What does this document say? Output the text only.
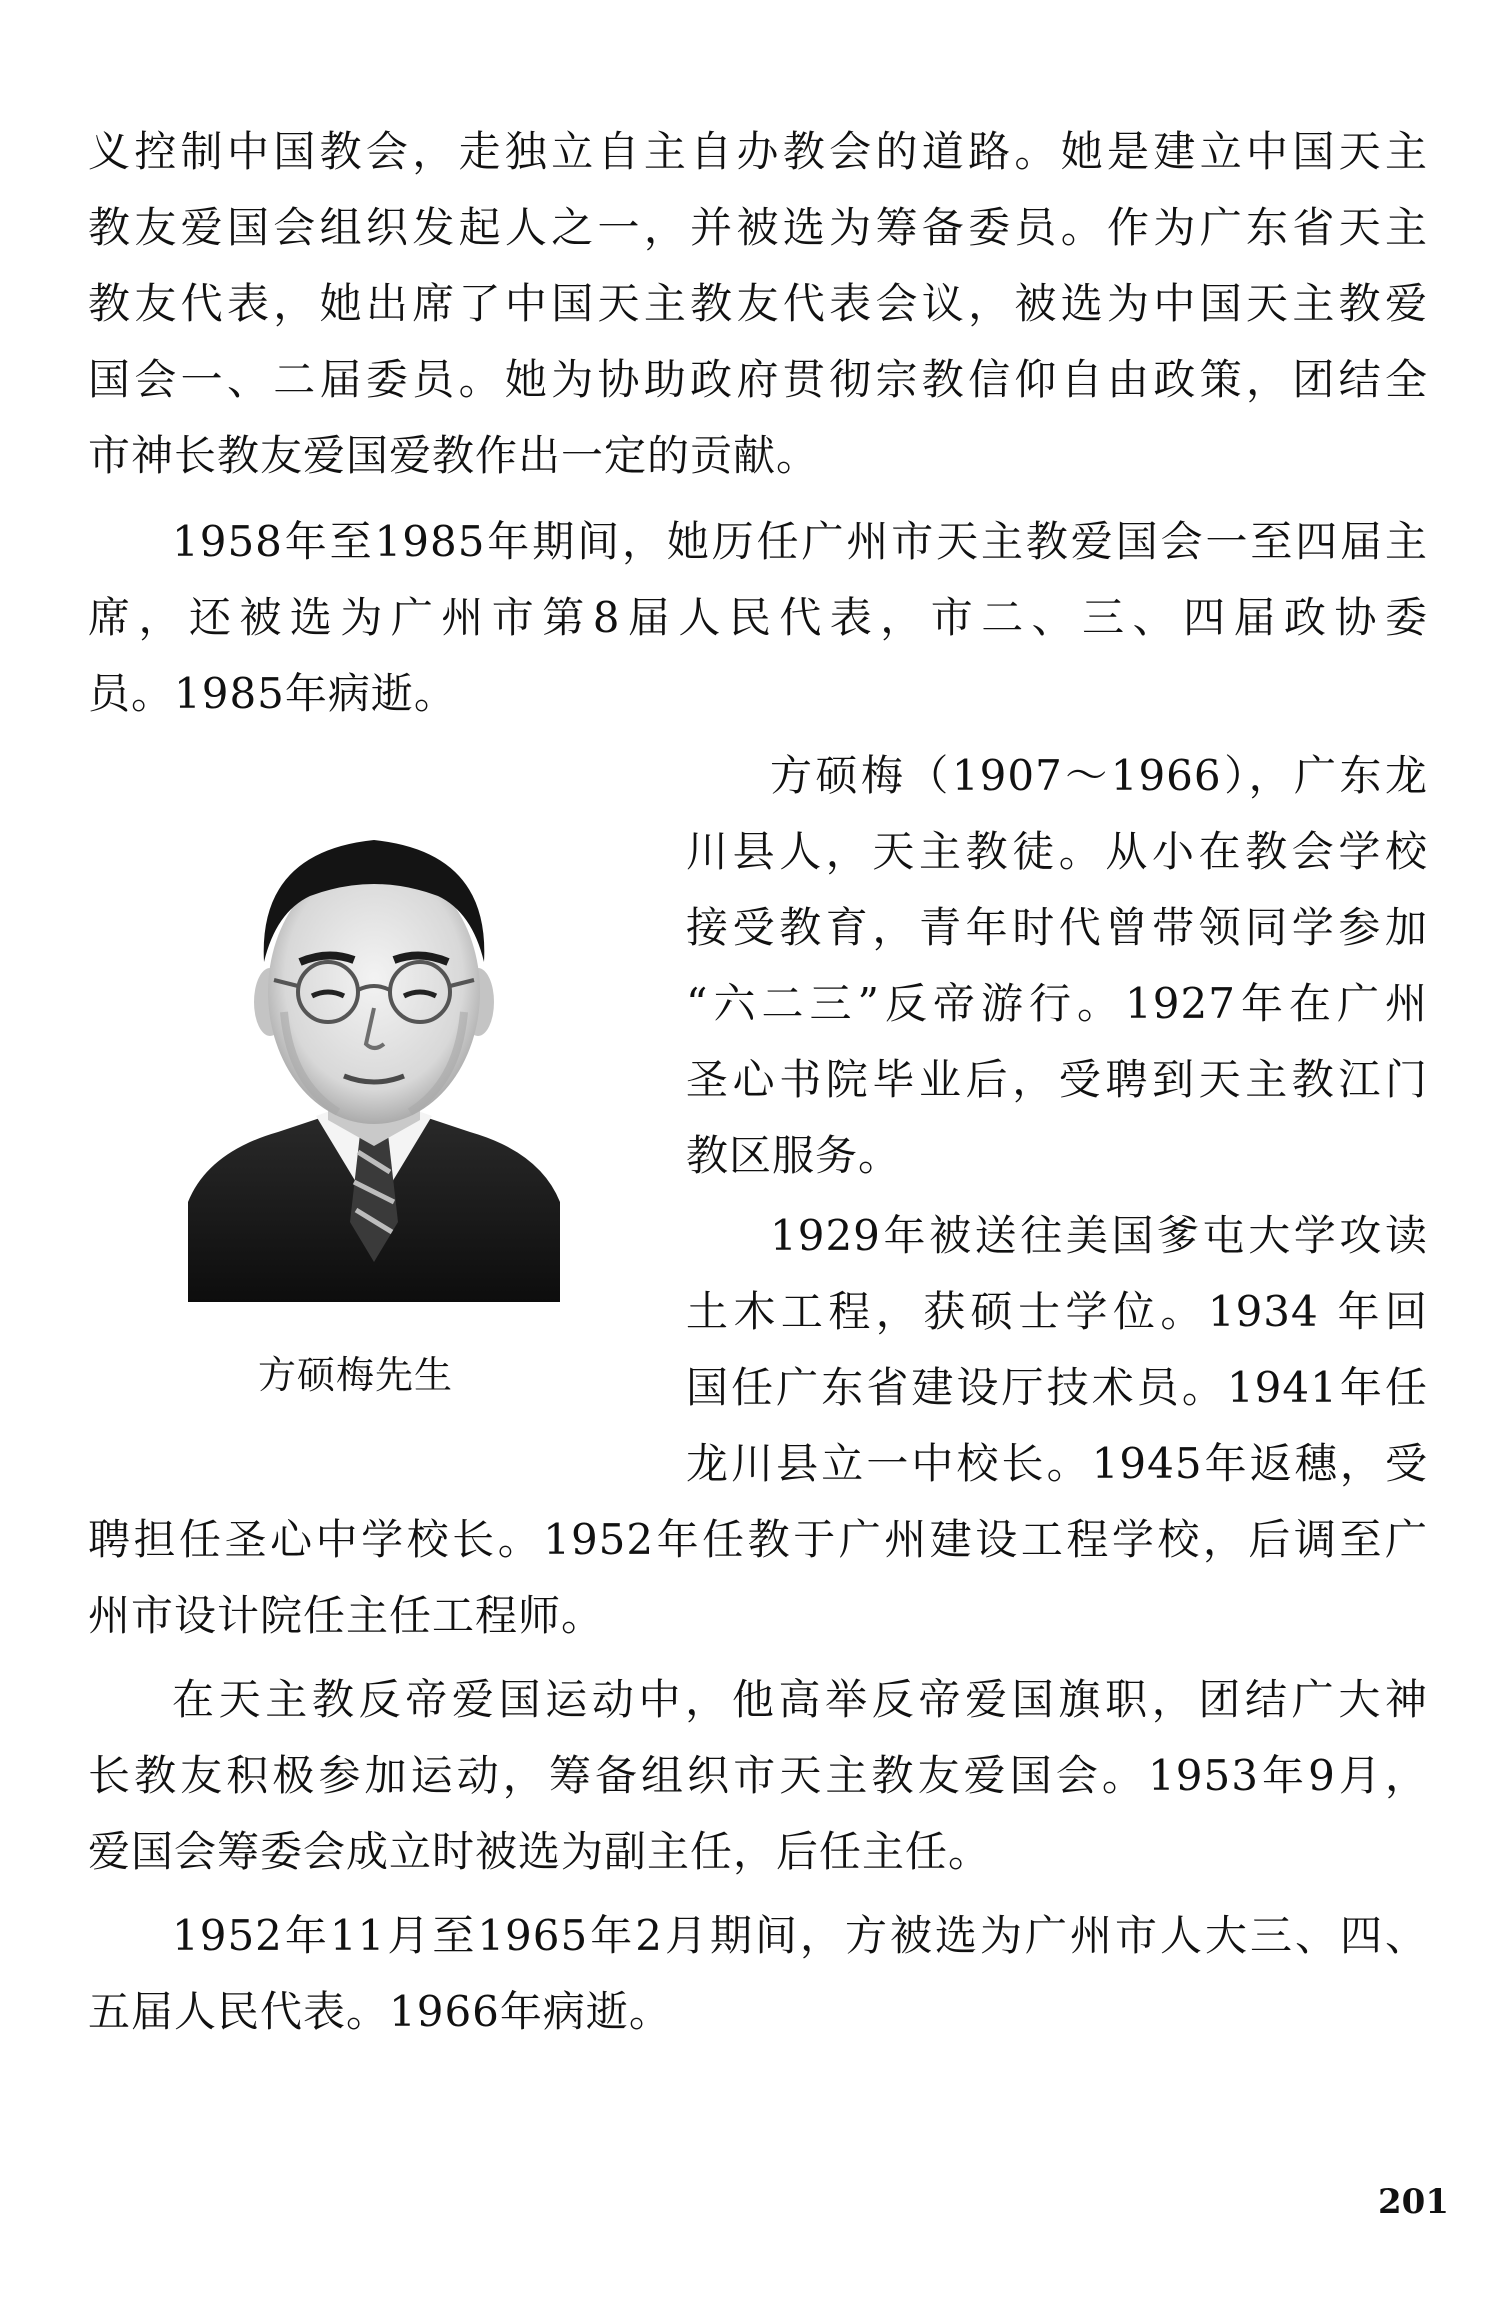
义控制中国教会，走独立自主自办教会的道路。她是建立中国天主
教友爱国会组织发起人之一，并被选为筹备委员。作为广东省天主
教友代表，她出席了中国天主教友代表会议，被选为中国天主教爱
国会一、二届委员。她为协助政府贯彻宗教信仰自由政策，团结全
市神长教友爱国爱教作出一定的贡献。
1958年至1985年期间，她历任广州市天主教爱国会一至四届主
席，还被选为广州市第8届人民代表，市二、三、四届政协委
员。1985年病逝。
方硕梅先生
方硕梅（1907～1966），广东龙
川县人，天主教徒。从小在教会学校
接受教育，青年时代曾带领同学参加
“六二三”反帝游行。1927年在广州
圣心书院毕业后，受聘到天主教江门
教区服务。
1929年被送往美国爹屯大学攻读
土木工程，获硕士学位。1934 年回
国任广东省建设厅技术员。1941年任
龙川县立一中校长。1945年返穗，受
聘担任圣心中学校长。1952年任教于广州建设工程学校，后调至广
州市设计院任主任工程师。
在天主教反帝爱国运动中，他高举反帝爱国旗职，团结广大神
长教友积极参加运动，筹备组织市天主教友爱国会。1953年9月，
爱国会筹委会成立时被选为副主任，后任主任。
1952年11月至1965年2月期间，方被选为广州市人大三、四、
五届人民代表。1966年病逝。
201
